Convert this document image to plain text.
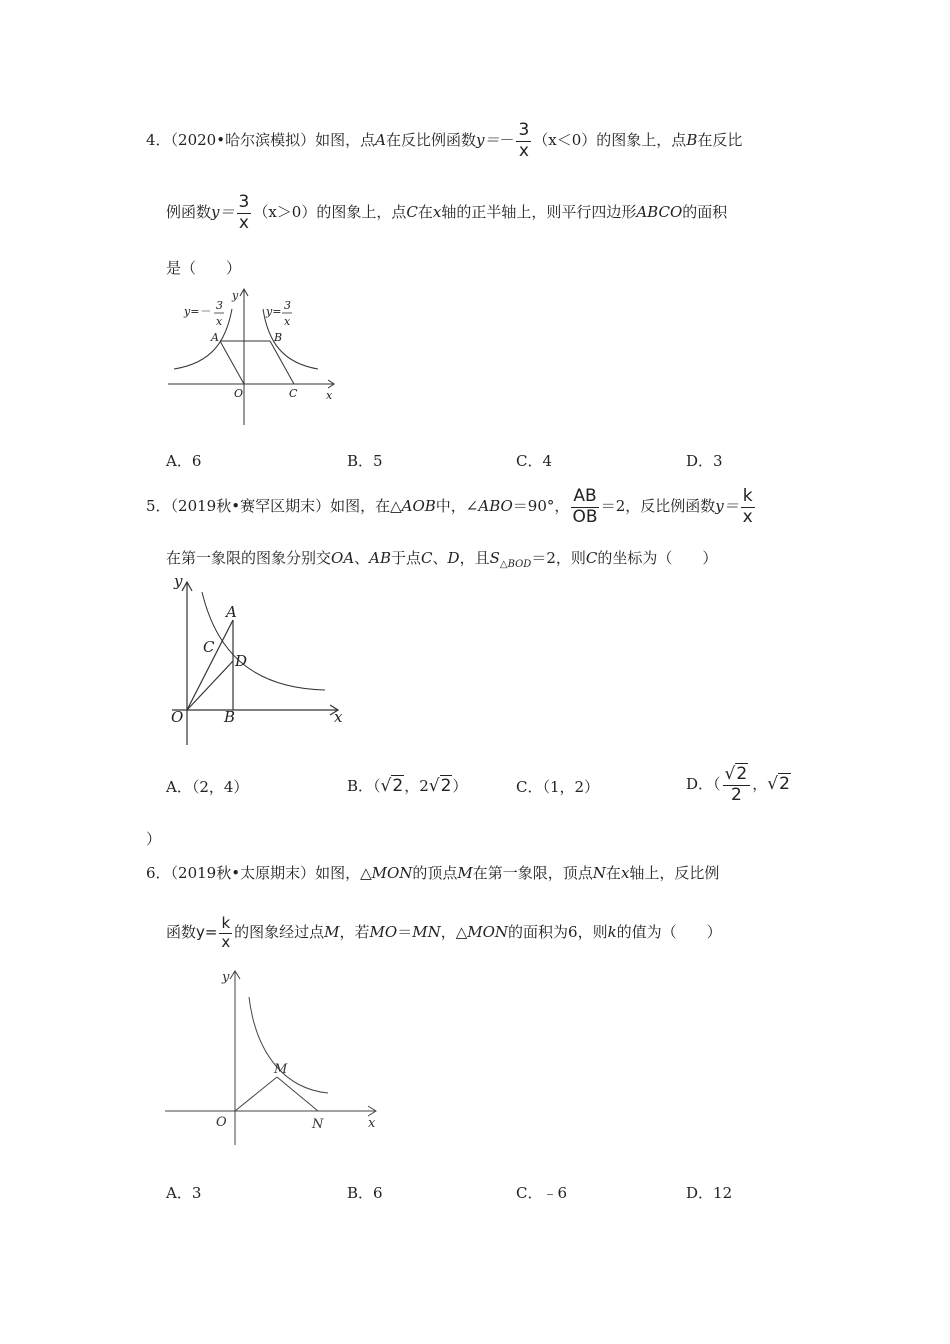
4．（2020•哈尔滨模拟）如图，点A在反比例函数$y=- \frac{3}{x} (x<0)$的图象上，点B在反比
例函数$y= \frac{3}{x} (x>0)$的图象上，点C在x轴的正半轴上，则平行四边形ABCO的面积
是（　　）
y
x
O	C
A	B
y=－ 3
x
y= 3
x
A．6	B．5	C．4	D．3
5．（2019秋•赛罕区期末）如图，在△AOB中，∠ABO＝90°， $\frac{AB}{OB} =2$，反比例函数$y= \frac{k}{x}$
在第一象限的图象分别交OA、AB于点C、D，且$S_{\triangle BOD}=2$，则C的坐标为（　　）
y
x
O	B
A
C
D
A．（2，4）	B．（√2，2√2）	C．（1，2）	D．（ $\frac{√2}{2}$ ，√2
）
6．（2019秋•太原期末）如图，△MON的顶点M在第一象限，顶点N在x轴上，反比例
函数$y= \frac{k}{x}$ 的图象经过点M，若MO＝MN，△MON的面积为6，则k的值为（　　）
y
x
O
M
N
A．3	B．6	C．﹣6	D．12
